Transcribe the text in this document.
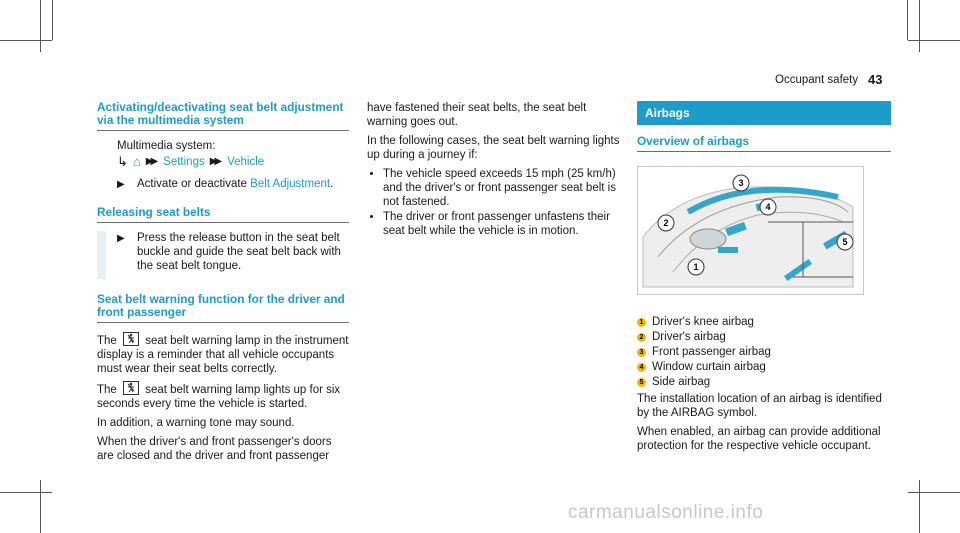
Occupant safety 43
Activating/deactivating seat belt adjustment via the multimedia system

Multimedia system:

↳ ⌂ ▶▶ Settings ▶▶ Vehicle
▶	Activate or deactivate Belt Adjustment.
Releasing seat belts
▶	Press the release button in the seat belt buckle and guide the seat belt back with the seat belt tongue.
Seat belt warning function for the driver and front passenger

The
seat belt warning lamp in the instrument display is a reminder that all vehicle occupants must wear their seat belts correctly.

The
seat belt warning lamp lights up for six seconds every time the vehicle is started.

In addition, a warning tone may sound.

When the driver's and front passenger's doors are closed and the driver and front passenger

have fastened their seat belts, the seat belt warning goes out.

In the following cases, the seat belt warning lights up during a journey if:

• The vehicle speed exceeds 15 mph (25 km/h) and the driver's or front passenger seat belt is not fastened.
• The driver or front passenger unfastens their seat belt while the vehicle is in motion.
Airbags
Overview of airbags
1
2
3
4
5
1 Driver's knee airbag
2 Driver's airbag
3 Front passenger airbag
4 Window curtain airbag
5 Side airbag

The installation location of an airbag is identified by the AIRBAG symbol.

When enabled, an airbag can provide additional protection for the respective vehicle occupant.

carmanualsonline.info
